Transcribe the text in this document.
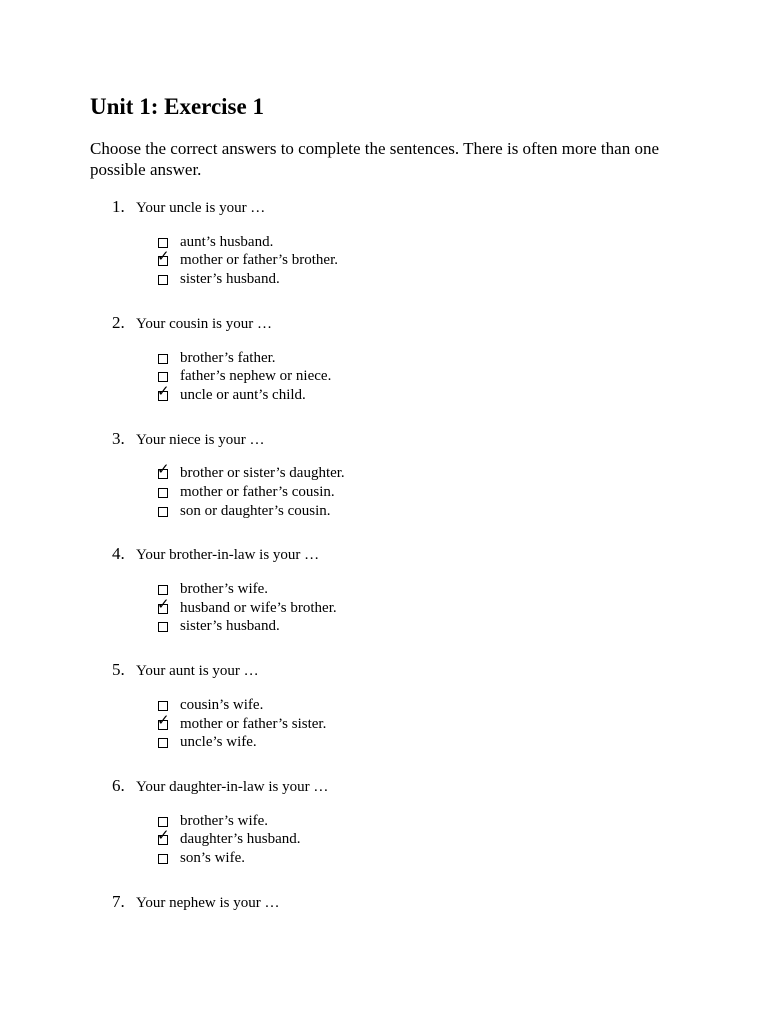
Unit 1: Exercise 1

Choose the correct answers to complete the sentences. There is often more than one possible answer.

1. Your uncle is your …
aunt’s husband.
✓ mother or father’s brother.
sister’s husband.
2. Your cousin is your …
brother’s father.
father’s nephew or niece.
✓ uncle or aunt’s child.
3. Your niece is your …
✓ brother or sister’s daughter.
mother or father’s cousin.
son or daughter’s cousin.
4. Your brother-in-law is your …
brother’s wife.
✓ husband or wife’s brother.
sister’s husband.
5. Your aunt is your …
cousin’s wife.
✓ mother or father’s sister.
uncle’s wife.
6. Your daughter-in-law is your …
brother’s wife.
✓ daughter’s husband.
son’s wife.
7. Your nephew is your …
